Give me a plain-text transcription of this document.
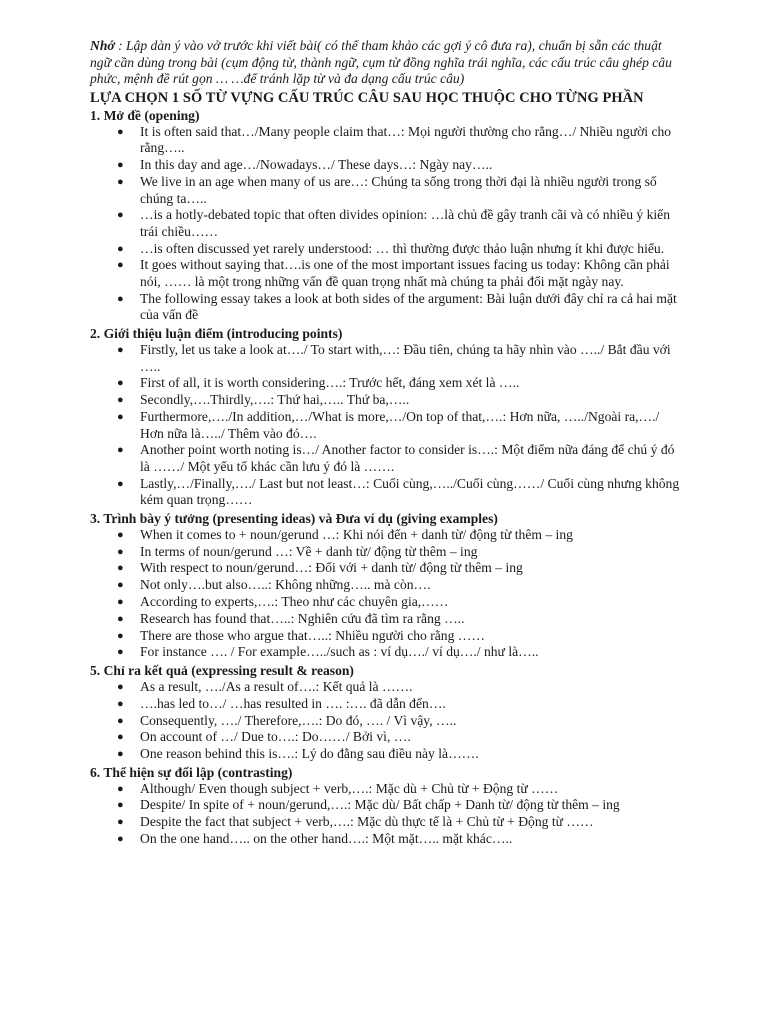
Nhớ : Lập dàn ý vào vở trước khi viết bài( có thể tham khảo các gợi ý cô đưa ra), chuẩn bị sẵn các thuật ngữ cần dùng trong bài (cụm động từ, thành ngữ, cụm từ đồng nghĩa trái nghĩa, các cấu trúc câu ghép câu phức, mệnh đề rút gọn … …để tránh lặp từ và đa dạng cấu trúc câu)

LỰA CHỌN 1 SỐ TỪ VỰNG CẤU TRÚC CÂU SAU HỌC THUỘC CHO TỪNG PHẦN
1. Mở đề (opening)
● It is often said that…/Many people claim that…: Mọi người thường cho rằng…/ Nhiều người cho rằng…..
● In this day and age…/Nowadays…/ These days…: Ngày nay…..
● We live in an age when many of us are…: Chúng ta sống trong thời đại là nhiều người trong số chúng ta…..
● …is a hotly-debated topic that often divides opinion: …là chủ đề gây tranh cãi và có nhiều ý kiến trái chiều……
● …is often discussed yet rarely understood: … thì thường được thảo luận nhưng ít khi được hiểu.
● It goes without saying that….is one of the most important issues facing us today: Không cần phải nói, …… là một trong những vấn đề quan trọng nhất mà chúng ta phải đối mặt ngày nay.
● The following essay takes a look at both sides of the argument: Bài luận dưới đây chỉ ra cả hai mặt của vấn đề
2. Giới thiệu luận điểm (introducing points)
● Firstly, let us take a look at…./ To start with,…: Đầu tiên, chúng ta hãy nhìn vào …../ Bắt đầu với …..
● First of all, it is worth considering….: Trước hết, đáng xem xét là …..
● Secondly,….Thirdly,….: Thứ hai,….. Thứ ba,…..
● Furthermore,…./In addition,…/What is more,…/On top of that,….: Hơn nữa, …../Ngoài ra,…./ Hơn nữa là…../ Thêm vào đó….
● Another point worth noting is…/ Another factor to consider is….: Một điểm nữa đáng để chú ý đó là ……/ Một yếu tố khác cần lưu ý đó là …….
● Lastly,…/Finally,…./ Last but not least…: Cuối cùng,…../Cuối cùng……/ Cuối cùng nhưng không kém quan trọng……
3. Trình bày ý tưởng (presenting ideas) và Đưa ví dụ (giving examples)
● When it comes to + noun/gerund …: Khi nói đến + danh từ/ động từ thêm – ing
● In terms of noun/gerund …: Về + danh từ/ động từ thêm – ing
● With respect to noun/gerund…: Đối với + danh từ/ động từ thêm – ing
● Not only….but also…..: Không những….. mà còn….
● According to experts,….: Theo như các chuyên gia,……
● Research has found that…..: Nghiên cứu đã tìm ra rằng …..
● There are those who argue that…..: Nhiều người cho rằng ……
● For instance …. / For example…../such as : ví dụ…./ ví dụ…./ như là…..
5. Chỉ ra kết quả (expressing result & reason)
● As a result, …./As a result of….: Kết quả là …….
● ….has led to…/ …has resulted in …. :…. đã dẫn đến….
● Consequently, …./ Therefore,….: Do đó, …. / Vì vậy, …..
● On account of …/ Due to….: Do……/ Bởi vì, ….
● One reason behind this is….: Lý do đằng sau điều này là…….
6. Thể hiện sự đối lập (contrasting)
● Although/ Even though subject + verb,….: Mặc dù + Chủ từ + Động từ ……
● Despite/ In spite of + noun/gerund,….: Mặc dù/ Bất chấp + Danh từ/ động từ thêm – ing
● Despite the fact that subject + verb,….: Mặc dù thực tế là + Chủ từ + Động từ ……
● On the one hand….. on the other hand….: Một mặt….. mặt khác…..
